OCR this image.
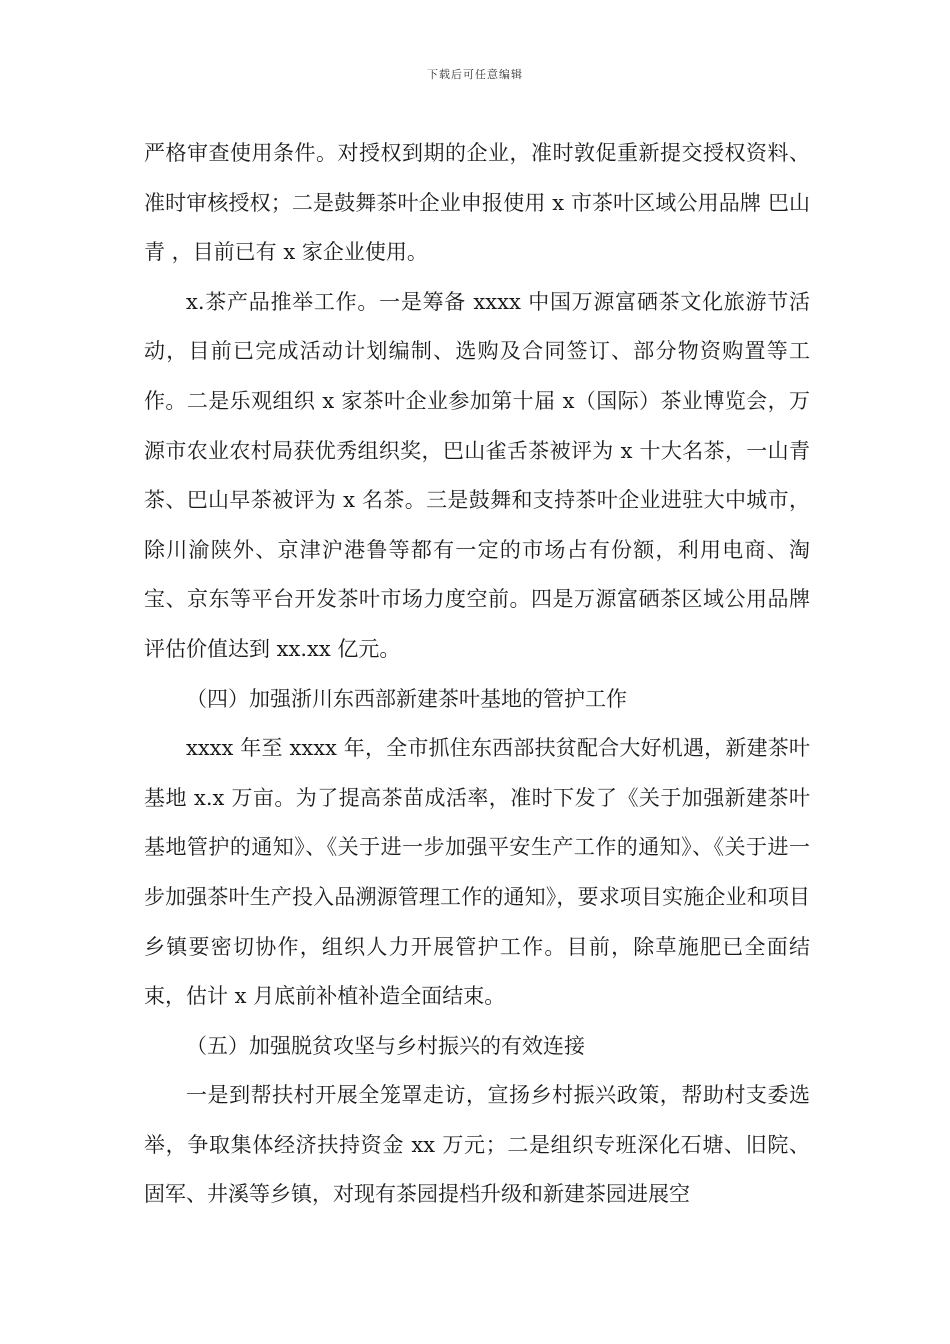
下载后可任意编辑

严格审查使用条件。对授权到期的企业，准时敦促重新提交授权资料、准时审核授权；二是鼓舞茶叶企业申报使用 x 市茶叶区域公用品牌 巴山青 ，目前已有 x 家企业使用。

x.茶产品推举工作。一是筹备 xxxx 中国万源富硒茶文化旅游节活动，目前已完成活动计划编制、选购及合同签订、部分物资购置等工作。二是乐观组织 x 家茶叶企业参加第十届 x（国际）茶业博览会，万源市农业农村局获优秀组织奖，巴山雀舌茶被评为 x 十大名茶，一山青茶、巴山早茶被评为 x 名茶。三是鼓舞和支持茶叶企业进驻大中城市，除川渝陕外、京津沪港鲁等都有一定的市场占有份额，利用电商、淘宝、京东等平台开发茶叶市场力度空前。四是万源富硒茶区域公用品牌评估价值达到 xx.xx 亿元。

（四）加强浙川东西部新建茶叶基地的管护工作

xxxx 年至 xxxx 年，全市抓住东西部扶贫配合大好机遇，新建茶叶基地 x.x 万亩。为了提高茶苗成活率，准时下发了《关于加强新建茶叶基地管护的通知》、《关于进一步加强平安生产工作的通知》、《关于进一步加强茶叶生产投入品溯源管理工作的通知》，要求项目实施企业和项目乡镇要密切协作，组织人力开展管护工作。目前，除草施肥已全面结束，估计 x 月底前补植补造全面结束。

（五）加强脱贫攻坚与乡村振兴的有效连接

一是到帮扶村开展全笼罩走访，宣扬乡村振兴政策，帮助村支委选举，争取集体经济扶持资金 xx 万元；二是组织专班深化石塘、旧院、固军、井溪等乡镇，对现有茶园提档升级和新建茶园进展空
